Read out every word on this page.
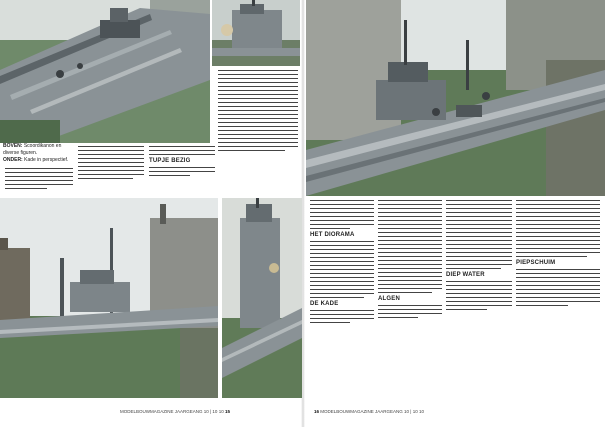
TUPJE BEZIG
BOVEN: Scoordikanon en
diverse figuren.
ONDER: Kade in perspectief.
MODELBOUWMAGAZINE JAARGEANG 10 | 10 10 15
HET DIORAMA
DE KADE
ALGEN
DIEP WATER
PIEPSCHUIM
16 MODELBOUWMAGAZINE JAARGEANG 10 | 10 10
